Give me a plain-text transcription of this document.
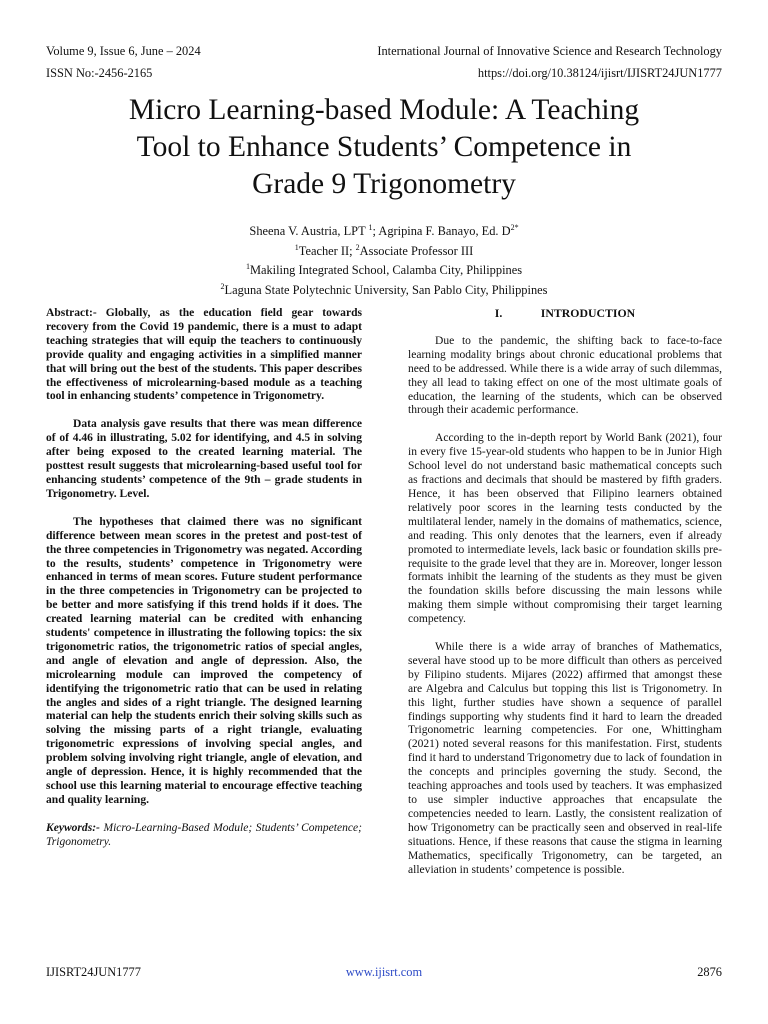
Volume 9, Issue 6, June – 2024	International Journal of Innovative Science and Research Technology
ISSN No:-2456-2165	https://doi.org/10.38124/ijisrt/IJISRT24JUN1777
Micro Learning-based Module: A Teaching
Tool to Enhance Students’ Competence in
Grade 9 Trigonometry
Sheena V. Austria, LPT $^1$; Agripina F. Banayo, Ed. $D^{2*}$
$^1$Teacher II; $^2$Associate Professor III
$^1$Makiling Integrated School, Calamba City, Philippines
$^2$Laguna State Polytechnic University, San Pablo City, Philippines

Abstract:- Globally, as the education field gear towards recovery from the Covid 19 pandemic, there is a must to adapt teaching strategies that will equip the teachers to continuously provide quality and engaging activities in a simplified manner that will bring out the best of the students. This paper describes the effectiveness of microlearning-based module as a teaching tool in enhancing students’ competence in Trigonometry.

Data analysis gave results that there was mean difference of of 4.46 in illustrating, 5.02 for identifying, and 4.5 in solving after being exposed to the created learning material. The posttest result suggests that microlearning-based useful tool for enhancing students’ competence of the 9th – grade students in Trigonometry. Level.

The hypotheses that claimed there was no significant difference between mean scores in the pretest and post-test of the three competencies in Trigonometry was negated. According to the results, students’ competence in Trigonometry were enhanced in terms of mean scores. Future student performance in the three competencies in Trigonometry can be projected to be better and more satisfying if this trend holds if it does. The created learning material can be credited with enhancing students' competence in illustrating the following topics: the six trigonometric ratios, the trigonometric ratios of special angles, and angle of elevation and angle of depression. Also, the microlearning module can improved the competency of identifying the trigonometric ratio that can be used in relating the angles and sides of a right triangle. The designed learning material can help the students enrich their solving skills such as solving the missing parts of a right triangle, evaluating trigonometric expressions of involving special angles, and problem solving involving right triangle, angle of elevation, and angle of depression. Hence, it is highly recommended that the school use this learning material to encourage effective teaching and quality learning.

Keywords:- Micro-Learning-Based Module; Students’ Competence; Trigonometry.

I.	INTRODUCTION

Due to the pandemic, the shifting back to face-to-face learning modality brings about chronic educational problems that need to be addressed. While there is a wide array of such dilemmas, they all lead to taking effect on one of the most ultimate goals of education, the learning of the students, which can be observed through their academic performance.

According to the in-depth report by World Bank (2021), four in every five 15-year-old students who happen to be in Junior High School level do not understand basic mathematical concepts such as fractions and decimals that should be mastered by fifth graders. Hence, it has been observed that Filipino learners obtained relatively poor scores in the learning tests conducted by the multilateral lender, namely in the domains of mathematics, science, and reading. This only denotes that the learners, even if already promoted to intermediate levels, lack basic or foundation skills pre-requisite to the grade level that they are in. Moreover, longer lesson formats inhibit the learning of the students as they must be given the foundation skills before discussing the main lessons while making them simple without compromising their target learning competency.

While there is a wide array of branches of Mathematics, several have stood up to be more difficult than others as perceived by Filipino students. Mijares (2022) affirmed that amongst these are Algebra and Calculus but topping this list is Trigonometry. In this light, further studies have shown a sequence of parallel findings supporting why students find it hard to learn the dreaded Trigonometric learning competencies. For one, Whittingham (2021) noted several reasons for this manifestation. First, students find it hard to understand Trigonometry due to lack of foundation in the concepts and principles governing the study. Second, the teaching approaches and tools used by teachers. It was emphasized to use simpler inductive approaches that encapsulate the competencies needed to learn. Lastly, the consistent realization of how Trigonometry can be practically seen and observed in real-life situations. Hence, if these reasons that cause the stigma in learning Mathematics, specifically Trigonometry, can be targeted, an alleviation in students’ competence is possible.

IJISRT24JUN1777	www.ijisrt.com	2876
